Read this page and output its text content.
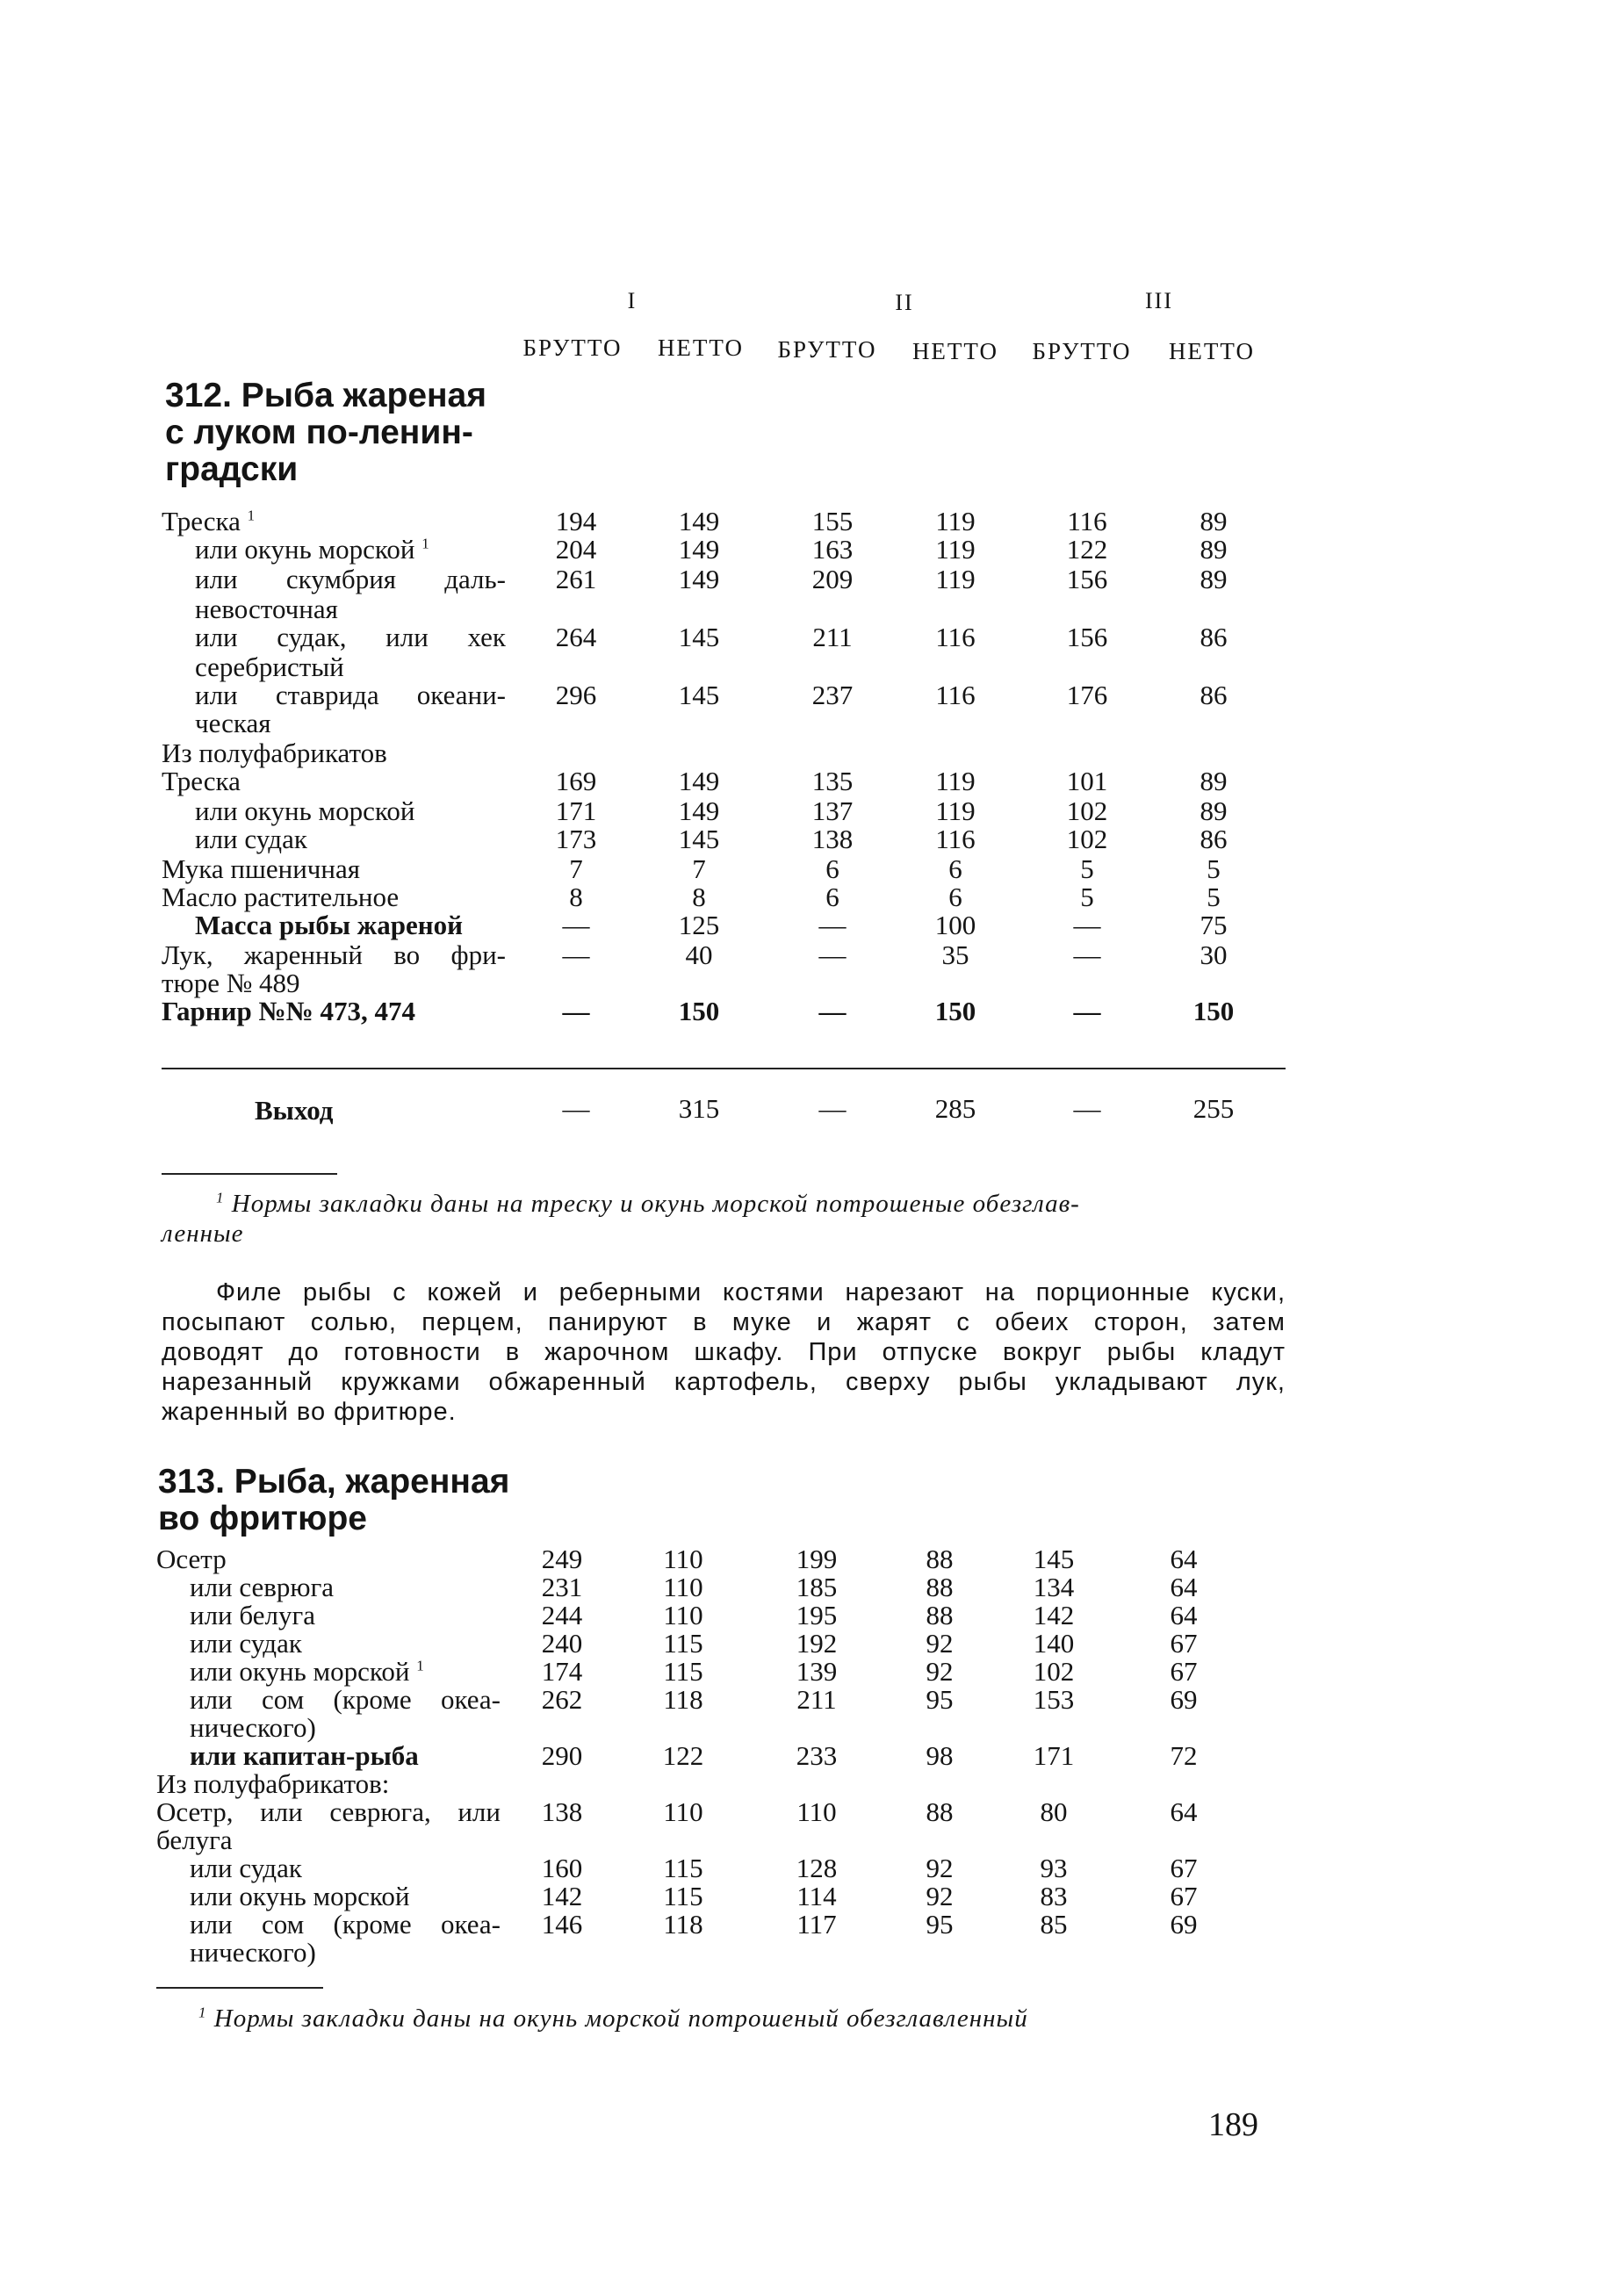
I	II	III
БРУТТО	НЕТТО	БРУТТО	НЕТТО	БРУТТО	НЕТТО
312. Рыба жареная
с луком по-ленин-
градски
Треска $^1$	194	149	155	119	116	89
или окунь морской $^1$	204	149	163	119	122	89
или скумбрия даль-
невосточная
261	149	209	119	156	89
или судак, или хек
серебристый
264	145	211	116	156	86
или ставрида океани-
ческая
296	145	237	116	176	86
Из полуфабрикатов
Треска	169	149	135	119	101	89
или окунь морской	171	149	137	119	102	89
или судак	173	145	138	116	102	86
Мука пшеничная	7	7	6	6	5	5
Масло растительное	8	8	6	6	5	5
Масса рыбы жареной	—	125	—	100	—	75
Лук, жаренный во фри-
тюре № 489
—	40	—	35	—	30
Гарнир №№ 473, 474	—	150	—	150	—	150
Выход	—	315	—	285	—	255
$^1$ Нормы закладки даны на треску и окунь морской потрошеные обезглав-
ленные
Филе рыбы с кожей и реберными костями нарезают на порционные куски,
посыпают солью, перцем, панируют в муке и жарят с обеих сторон, затем
доводят до готовности в жарочном шкафу. При отпуске вокруг рыбы кладут
нарезанный кружками обжаренный картофель, сверху рыбы укладывают лук,
жаренный во фритюре.
313. Рыба, жаренная
во фритюре
Осетр	249	110	199	88	145	64
или севрюга	231	110	185	88	134	64
или белуга	244	110	195	88	142	64
или судак	240	115	192	92	140	67
или окунь морской $^1$	174	115	139	92	102	67
или сом (кроме океа-
нического)
262	118	211	95	153	69
или капитан-рыба	290	122	233	98	171	72
Из полуфабрикатов:
Осетр, или севрюга, или
белуга
138	110	110	88	80	64
или судак	160	115	128	92	93	67
или окунь морской	142	115	114	92	83	67
или сом (кроме океа-
нического)
146	118	117	95	85	69
$^1$ Нормы закладки даны на окунь морской потрошеный обезглавленный
189
